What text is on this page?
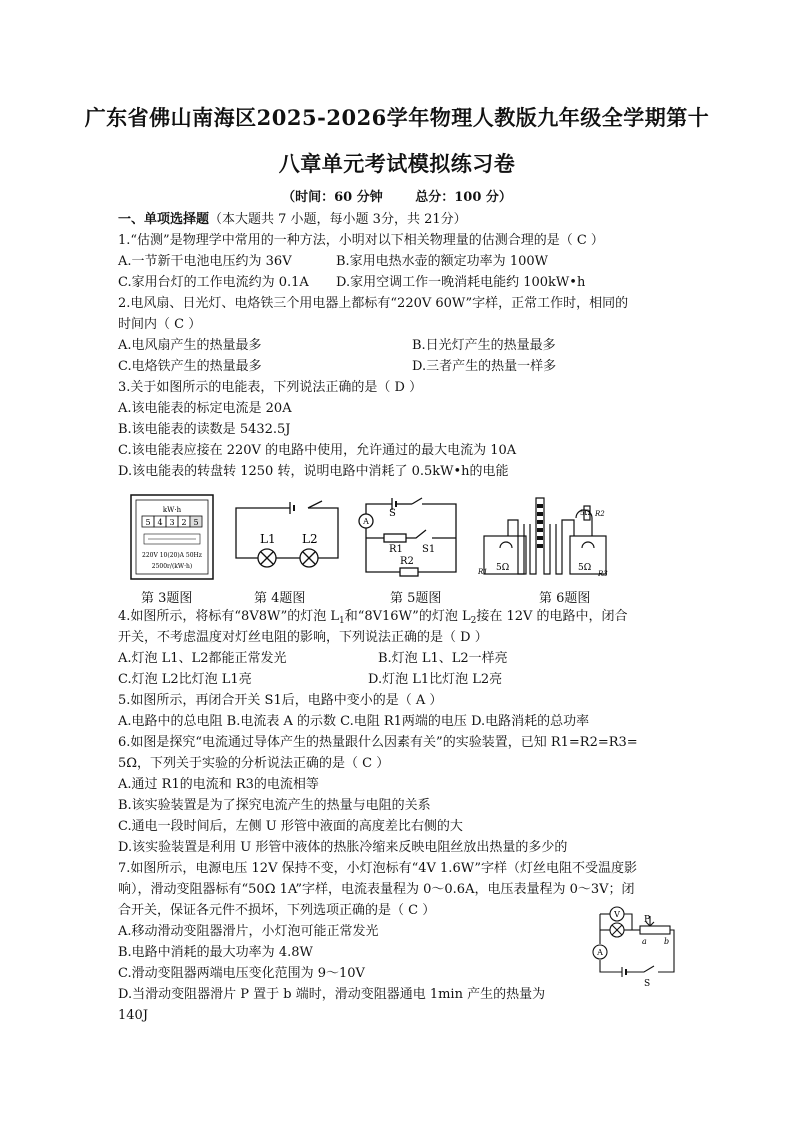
广东省佛山南海区2025-2026学年物理人教版九年级全学期第十
八章单元考试模拟练习卷
（时间：60 分钟	总分：100 分）
一、单项选择题（本大题共 7 小题，每小题 3分，共 21分）
1.“估测”是物理学中常用的一种方法，小明对以下相关物理量的估测合理的是（ C ）
A.一节新干电池电压约为 36V	B.家用电热水壶的额定功率为 100W
C.家用台灯的工作电流约为 0.1A D.家用空调工作一晚消耗电能约 100kW•h
2.电风扇、日光灯、电烙铁三个用电器上都标有“220V 60W”字样，正常工作时，相同的
时间内（ C ）
A.电风扇产生的热量最多	B.日光灯产生的热量最多
C.电烙铁产生的热量最多	D.三者产生的热量一样多
3.关于如图所示的电能表，下列说法正确的是（ D ）
A.该电能表的标定电流是 20A
B.该电能表的读数是 5432.5J
C.该电能表应接在 220V 的电路中使用，允许通过的最大电流为 10A
D.该电能表的转盘转 1250 转，说明电路中消耗了 0.5kW•h的电能
kW·h
5 4 3 2 5
220V 10(20)A 50Hz
2500r/(kW·h)
L1 L2
A
S
S1
R1
R2
R1 5Ω	5Ω
R3
R2
5Ω
第 3题图	第 4题图	第 5题图	第 6题图
4.如图所示，将标有“8V8W”的灯泡 $L_1$和“8V16W”的灯泡 $L_2$接在 12V 的电路中，闭合
开关，不考虑温度对灯丝电阻的影响，下列说法正确的是（ D ）
A.灯泡 L1、L2都能正常发光	B.灯泡 L1、L2一样亮
C.灯泡 L2比灯泡 L1亮	D.灯泡 L1比灯泡 L2亮
5.如图所示，再闭合开关 S1后，电路中变小的是（ A ）
A.电路中的总电阻 B.电流表 A 的示数 C.电阻 R1两端的电压 D.电路消耗的总功率
6.如图是探究“电流通过导体产生的热量跟什么因素有关”的实验装置，已知 R1=R2=R3=
5Ω，下列关于实验的分析说法正确的是（ C ）
A.通过 R1的电流和 R3的电流相等
B.该实验装置是为了探究电流产生的热量与电阻的关系
C.通电一段时间后，左侧 U 形管中液面的高度差比右侧的大
D.该实验装置是利用 U 形管中液体的热胀冷缩来反映电阻丝放出热量的多少的
7.如图所示，电源电压 12V 保持不变，小灯泡标有“4V 1.6W”字样（灯丝电阻不受温度影
响），滑动变阻器标有“50Ω 1A”字样，电流表量程为 0～0.6A，电压表量程为 0～3V；闭
合开关，保证各元件不损坏，下列选项正确的是（ C ）
A.移动滑动变阻器滑片，小灯泡可能正常发光
B.电路中消耗的最大功率为 4.8W
C.滑动变阻器两端电压变化范围为 9～10V
D.当滑动变阻器滑片 P 置于 b 端时，滑动变阻器通电 1min 产生的热量为
140J
V
A
P
a b
S
